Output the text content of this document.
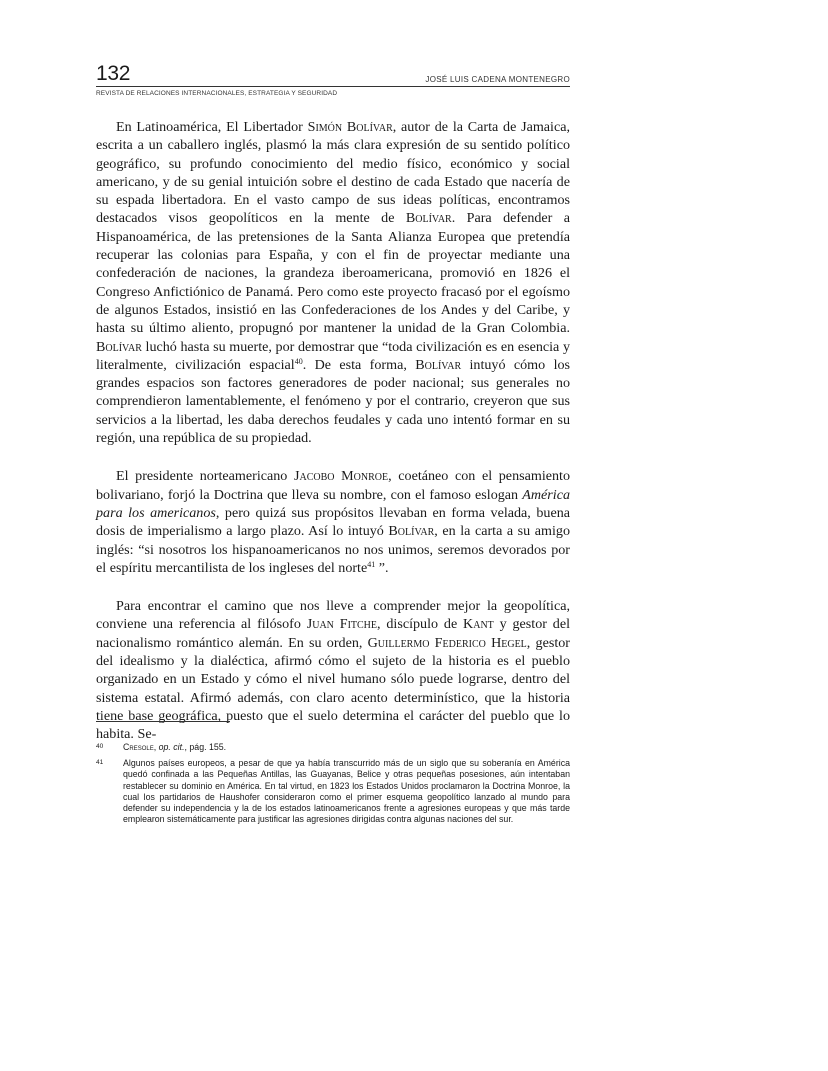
132	JOSÉ LUIS CADENA MONTENEGRO
REVISTA DE RELACIONES INTERNACIONALES, ESTRATEGIA Y SEGURIDAD

En Latinoamérica, El Libertador Simón Bolívar, autor de la Carta de Jamaica, escrita a un caballero inglés, plasmó la más clara expresión de su sentido político geográfico, su profundo conocimiento del medio físico, económico y social americano, y de su genial intuición sobre el destino de cada Estado que nacería de su espada libertadora. En el vasto campo de sus ideas políticas, encontramos destacados visos geopolíticos en la mente de Bolívar. Para defender a Hispanoamérica, de las pretensiones de la Santa Alianza Europea que pretendía recuperar las colonias para España, y con el fin de proyectar mediante una confederación de naciones, la grandeza iberoamericana, promovió en 1826 el Congreso Anfictiónico de Panamá. Pero como este proyecto fracasó por el egoísmo de algunos Estados, insistió en las Confederaciones de los Andes y del Caribe, y hasta su último aliento, propugnó por mantener la unidad de la Gran Colombia. Bolívar luchó hasta su muerte, por demostrar que “toda civilización es en esencia y literalmente, civilización espacial$^{40}$. De esta forma, Bolívar intuyó cómo los grandes espacios son factores generadores de poder nacional; sus generales no comprendieron lamentablemente, el fenómeno y por el contrario, creyeron que sus servicios a la libertad, les daba derechos feudales y cada uno intentó formar en su región, una república de su propiedad.

El presidente norteamericano Jacobo Monroe, coetáneo con el pensamiento bolivariano, forjó la Doctrina que lleva su nombre, con el famoso eslogan América para los americanos, pero quizá sus propósitos llevaban en forma velada, buena dosis de imperialismo a largo plazo. Así lo intuyó Bolívar, en la carta a su amigo inglés: “si nosotros los hispanoamericanos no nos unimos, seremos devorados por el espíritu mercantilista de los ingleses del norte$^{41}$ ”.

Para encontrar el camino que nos lleve a comprender mejor la geopolítica, conviene una referencia al filósofo Juan Fitche, discípulo de Kant y gestor del nacionalismo romántico alemán. En su orden, Guillermo Federico Hegel, gestor del idealismo y la dialéctica, afirmó cómo el sujeto de la historia es el pueblo organizado en un Estado y cómo el nivel humano sólo puede lograrse, dentro del sistema estatal. Afirmó además, con claro acento determinístico, que la historia tiene base geográfica, puesto que el suelo determina el carácter del pueblo que lo habita. Se-

40 Cresole, op. cit., pág. 155.
41 Algunos países europeos, a pesar de que ya había transcurrido más de un siglo que su soberanía en América quedó confinada a las Pequeñas Antillas, las Guayanas, Belice y otras pequeñas posesiones, aún intentaban restablecer su dominio en América. En tal virtud, en 1823 los Estados Unidos proclamaron la Doctrina Monroe, la cual los partidarios de Haushofer consideraron como el primer esquema geopolítico lanzado al mundo para defender su independencia y la de los estados latinoamericanos frente a agresiones europeas y que más tarde emplearon sistemáticamente para justificar las agresiones dirigidas contra algunas naciones del sur.
